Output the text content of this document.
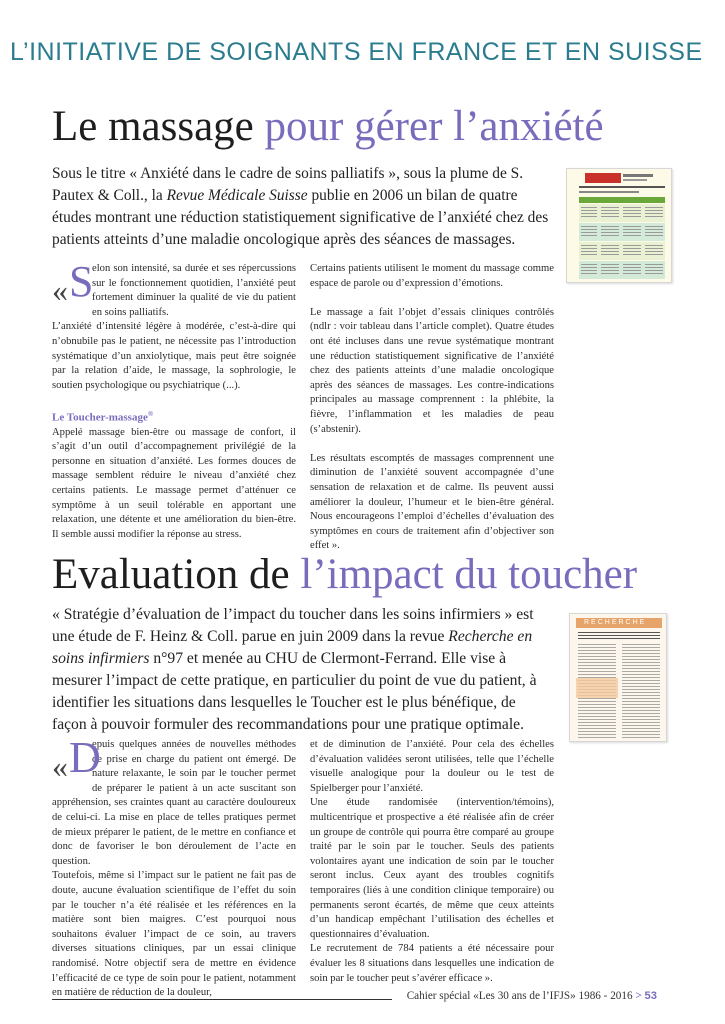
L’INITIATIVE DE SOIGNANTS EN FRANCE ET EN SUISSE
Le massage pour gérer l’anxiété
Sous le titre « Anxiété dans le cadre de soins palliatifs », sous la plume de S. Pautex & Coll., la Revue Médicale Suisse publie en 2006 un bilan de quatre études montrant une réduction statistiquement significative de l’anxiété chez des patients atteints d’une maladie oncologique après des séances de massages.
« S

elon son intensité, sa durée et ses répercussions sur le fonctionnement quotidien, l’anxiété peut fortement diminuer la qualité de vie du patient en soins palliatifs.

L’anxiété d’intensité légère à modérée, c’est-à-dire qui n’obnubile pas le patient, ne nécessite pas l’introduction systématique d’un anxiolytique, mais peut être soignée par la relation d’aide, le massage, la sophrologie, le soutien psychologique ou psychiatrique (...).

Le Toucher-massage®

Appelé massage bien-être ou massage de confort, il s’agit d’un outil d’accompagnement privilégié de la personne en situation d’anxiété. Les formes douces de massage semblent réduire le niveau d’anxiété chez certains patients. Le massage permet d’atténuer ce symptôme à un seuil tolérable en apportant une relaxation, une détente et une amélioration du bien-être. Il semble aussi modifier la réponse au stress.

Certains patients utilisent le moment du massage comme espace de parole ou d’expression d’émotions.

Le massage a fait l’objet d’essais cliniques contrôlés (ndlr : voir tableau dans l’article complet). Quatre études ont été incluses dans une revue systématique montrant une réduction statistiquement significative de l’anxiété chez des patients atteints d’une maladie oncologique après des séances de massages. Les contre-indications principales au massage comprennent : la phlébite, la fièvre, l’inflammation et les maladies de peau (s’abstenir).

Les résultats escomptés de massages comprennent une diminution de l’anxiété souvent accompagnée d’une sensation de relaxation et de calme. Ils peuvent aussi améliorer la douleur, l’humeur et le bien-être général. Nous encourageons l’emploi d’échelles d’évaluation des symptômes en cours de traitement afin d’objectiver son effet ».

Evaluation de l’impact du toucher
« Stratégie d’évaluation de l’impact du toucher dans les soins infirmiers » est une étude de F. Heinz & Coll. parue en juin 2009 dans la revue Recherche en soins infirmiers n°97 et menée au CHU de Clermont-Ferrand. Elle vise à mesurer l’impact de cette pratique, en particulier du point de vue du patient, à identifier les situations dans lesquelles le Toucher est le plus bénéfique, de façon à pouvoir formuler des recommandations pour une pratique optimale.
RECHERCHE
« D

epuis quelques années de nouvelles méthodes de prise en charge du patient ont émergé. De nature relaxante, le soin par le toucher permet de préparer le patient à un acte suscitant son appréhension, ses craintes quant au caractère douloureux de celui-ci. La mise en place de telles pratiques permet de mieux préparer le patient, de le mettre en confiance et donc de favoriser le bon déroulement de l’acte en question.

Toutefois, même si l’impact sur le patient ne fait pas de doute, aucune évaluation scientifique de l’effet du soin par le toucher n’a été réalisée et les références en la matière sont bien maigres. C’est pourquoi nous souhaitons évaluer l’impact de ce soin, au travers diverses situations cliniques, par un essai clinique randomisé. Notre objectif sera de mettre en évidence l’efficacité de ce type de soin pour le patient, notamment en matière de réduction de la douleur,

et de diminution de l’anxiété. Pour cela des échelles d’évaluation validées seront utilisées, telle que l’échelle visuelle analogique pour la douleur ou le test de Spielberger pour l’anxiété.

Une étude randomisée (intervention/témoins), multicentrique et prospective a été réalisée afin de créer un groupe de contrôle qui pourra être comparé au groupe traité par le soin par le toucher. Seuls des patients volontaires ayant une indication de soin par le toucher seront inclus. Ceux ayant des troubles cognitifs temporaires (liés à une condition clinique temporaire) ou permanents seront écartés, de même que ceux atteints d’un handicap empêchant l’utilisation des échelles et questionnaires d’évaluation.

Le recrutement de 784 patients a été nécessaire pour évaluer les 8 situations dans lesquelles une indication de soin par le toucher peut s’avérer efficace ».

Cahier spécial «Les 30 ans de l’IFJS» 1986 - 2016 > 53
